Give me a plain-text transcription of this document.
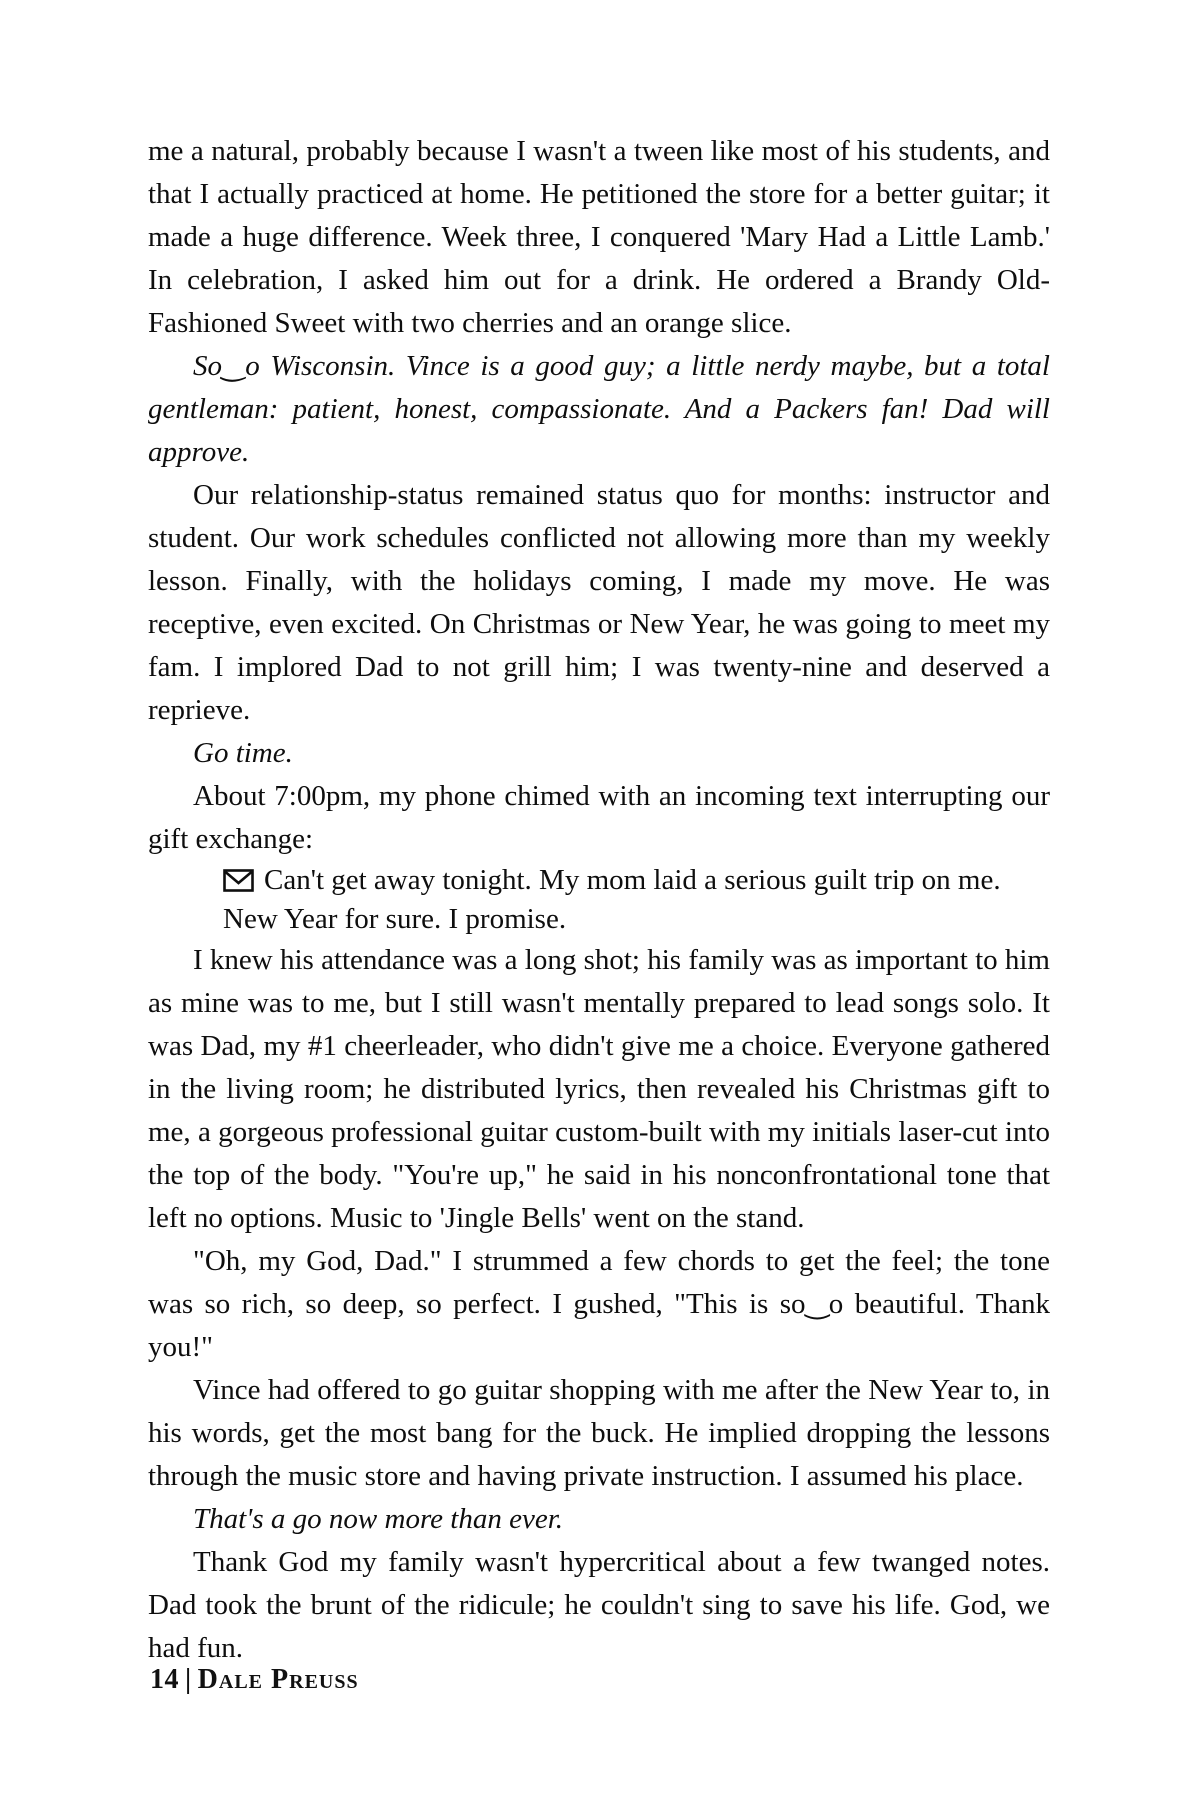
me a natural, probably because I wasn't a tween like most of his students, and that I actually practiced at home. He petitioned the store for a better guitar; it made a huge difference. Week three, I conquered 'Mary Had a Little Lamb.' In celebration, I asked him out for a drink. He ordered a Brandy Old-Fashioned Sweet with two cherries and an orange slice.

So‿o Wisconsin. Vince is a good guy; a little nerdy maybe, but a total gentleman: patient, honest, compassionate. And a Packers fan! Dad will approve.

Our relationship-status remained status quo for months: instructor and student. Our work schedules conflicted not allowing more than my weekly lesson. Finally, with the holidays coming, I made my move. He was receptive, even excited. On Christmas or New Year, he was going to meet my fam. I implored Dad to not grill him; I was twenty-nine and deserved a reprieve.

Go time.

About 7:00pm, my phone chimed with an incoming text interrupting our gift exchange:

Can't get away tonight. My mom laid a serious guilt trip on me.
New Year for sure. I promise.

I knew his attendance was a long shot; his family was as important to him as mine was to me, but I still wasn't mentally prepared to lead songs solo. It was Dad, my #1 cheerleader, who didn't give me a choice. Everyone gathered in the living room; he distributed lyrics, then revealed his Christmas gift to me, a gorgeous professional guitar custom-built with my initials laser-cut into the top of the body. "You're up," he said in his nonconfrontational tone that left no options. Music to 'Jingle Bells' went on the stand.

"Oh, my God, Dad." I strummed a few chords to get the feel; the tone was so rich, so deep, so perfect. I gushed, "This is so‿o beautiful. Thank you!"

Vince had offered to go guitar shopping with me after the New Year to, in his words, get the most bang for the buck. He implied dropping the lessons through the music store and having private instruction. I assumed his place.

That's a go now more than ever.

Thank God my family wasn't hypercritical about a few twanged notes. Dad took the brunt of the ridicule; he couldn't sing to save his life. God, we had fun.

14 | Dale Preuss
